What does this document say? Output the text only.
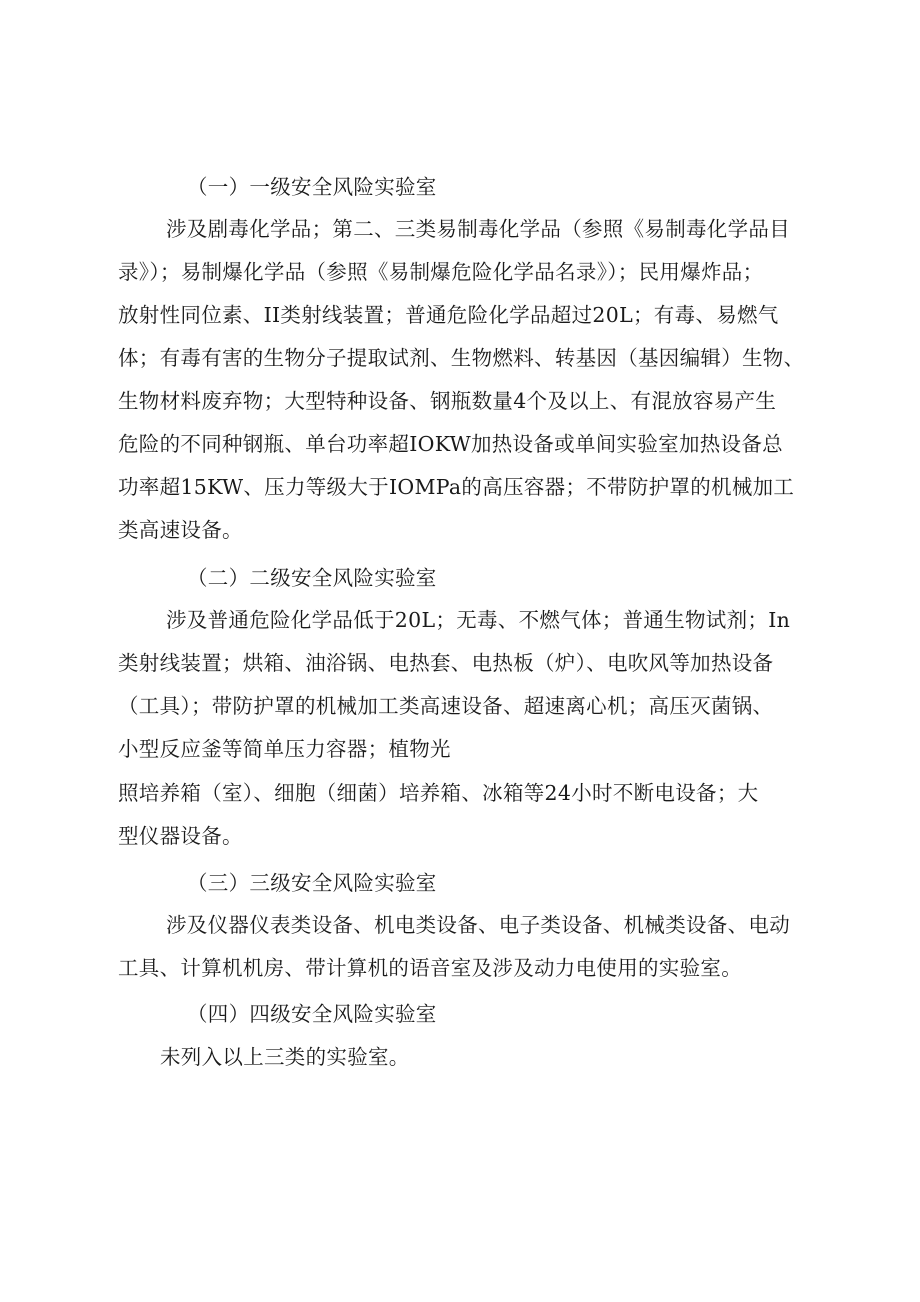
（一）一级安全风险实验室
涉及剧毒化学品；第二、三类易制毒化学品（参照《易制毒化学品目
录》）；易制爆化学品（参照《易制爆危险化学品名录》）；民用爆炸品；
放射性同位素、II类射线装置；普通危险化学品超过20L；有毒、易燃气
体；有毒有害的生物分子提取试剂、生物燃料、转基因（基因编辑）生物、
生物材料废弃物；大型特种设备、钢瓶数量4个及以上、有混放容易产生
危险的不同种钢瓶、单台功率超IOKW加热设备或单间实验室加热设备总
功率超15KW、压力等级大于IOMPa的高压容器；不带防护罩的机械加工
类高速设备。
（二）二级安全风险实验室
涉及普通危险化学品低于20L；无毒、不燃气体；普通生物试剂；In
类射线装置；烘箱、油浴锅、电热套、电热板（炉）、电吹风等加热设备
（工具）；带防护罩的机械加工类高速设备、超速离心机；高压灭菌锅、
小型反应釜等简单压力容器；植物光
照培养箱（室）、细胞（细菌）培养箱、冰箱等24小时不断电设备；大
型仪器设备。
（三）三级安全风险实验室
涉及仪器仪表类设备、机电类设备、电子类设备、机械类设备、电动
工具、计算机机房、带计算机的语音室及涉及动力电使用的实验室。
（四）四级安全风险实验室
未列入以上三类的实验室。
